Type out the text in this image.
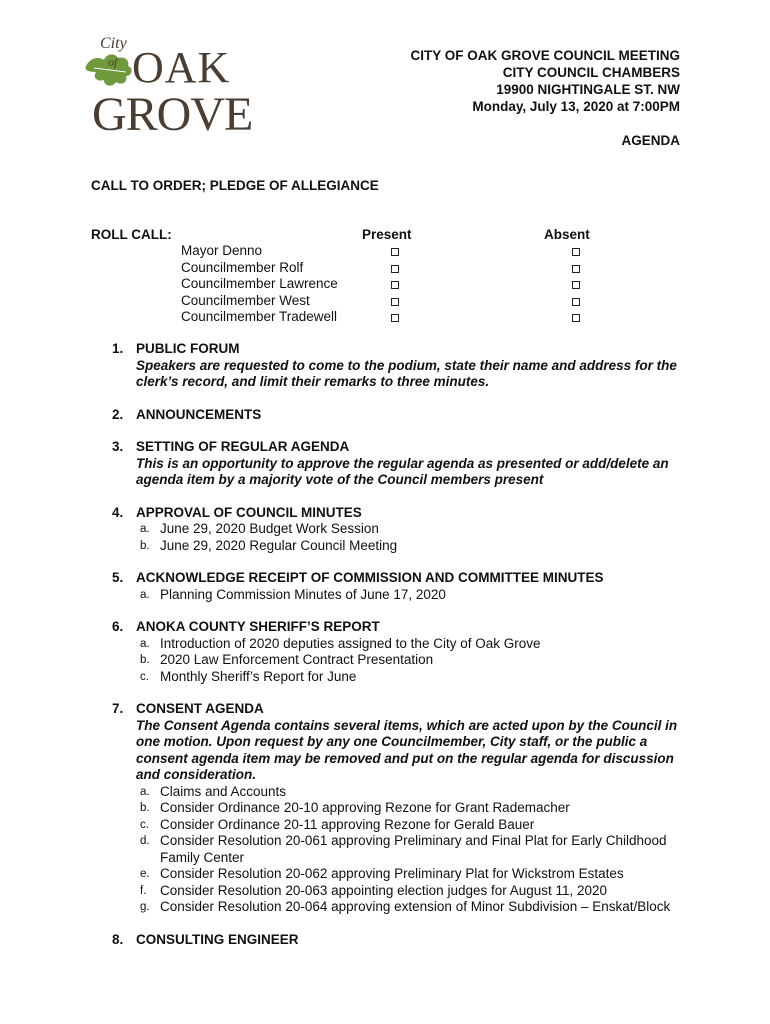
City
of OAK
GROVE
CITY OF OAK GROVE COUNCIL MEETING
CITY COUNCIL CHAMBERS
19900 NIGHTINGALE ST. NW
Monday, July 13, 2020 at 7:00PM
AGENDA
CALL TO ORDER; PLEDGE OF ALLEGIANCE
ROLL CALL:	Present	Absent
Mayor Denno
Councilmember Rolf
Councilmember Lawrence
Councilmember West
Councilmember Tradewell
1. PUBLIC FORUM
Speakers are requested to come to the podium, state their name and address for the clerk’s record, and limit their remarks to three minutes.
2. ANNOUNCEMENTS
3. SETTING OF REGULAR AGENDA
This is an opportunity to approve the regular agenda as presented or add/delete an agenda item by a majority vote of the Council members present
4. APPROVAL OF COUNCIL MINUTES
a. June 29, 2020 Budget Work Session
b. June 29, 2020 Regular Council Meeting
5. ACKNOWLEDGE RECEIPT OF COMMISSION AND COMMITTEE MINUTES
a. Planning Commission Minutes of June 17, 2020
6. ANOKA COUNTY SHERIFF’S REPORT
a. Introduction of 2020 deputies assigned to the City of Oak Grove
b. 2020 Law Enforcement Contract Presentation
c. Monthly Sheriff’s Report for June
7. CONSENT AGENDA
The Consent Agenda contains several items, which are acted upon by the Council in one motion. Upon request by any one Councilmember, City staff, or the public a consent agenda item may be removed and put on the regular agenda for discussion and consideration.
a. Claims and Accounts
b. Consider Ordinance 20-10 approving Rezone for Grant Rademacher
c. Consider Ordinance 20-11 approving Rezone for Gerald Bauer
d. Consider Resolution 20-061 approving Preliminary and Final Plat for Early Childhood Family Center
e. Consider Resolution 20-062 approving Preliminary Plat for Wickstrom Estates
f.	Consider Resolution 20-063 appointing election judges for August 11, 2020
g. Consider Resolution 20-064 approving extension of Minor Subdivision – Enskat/Block
8. CONSULTING ENGINEER
